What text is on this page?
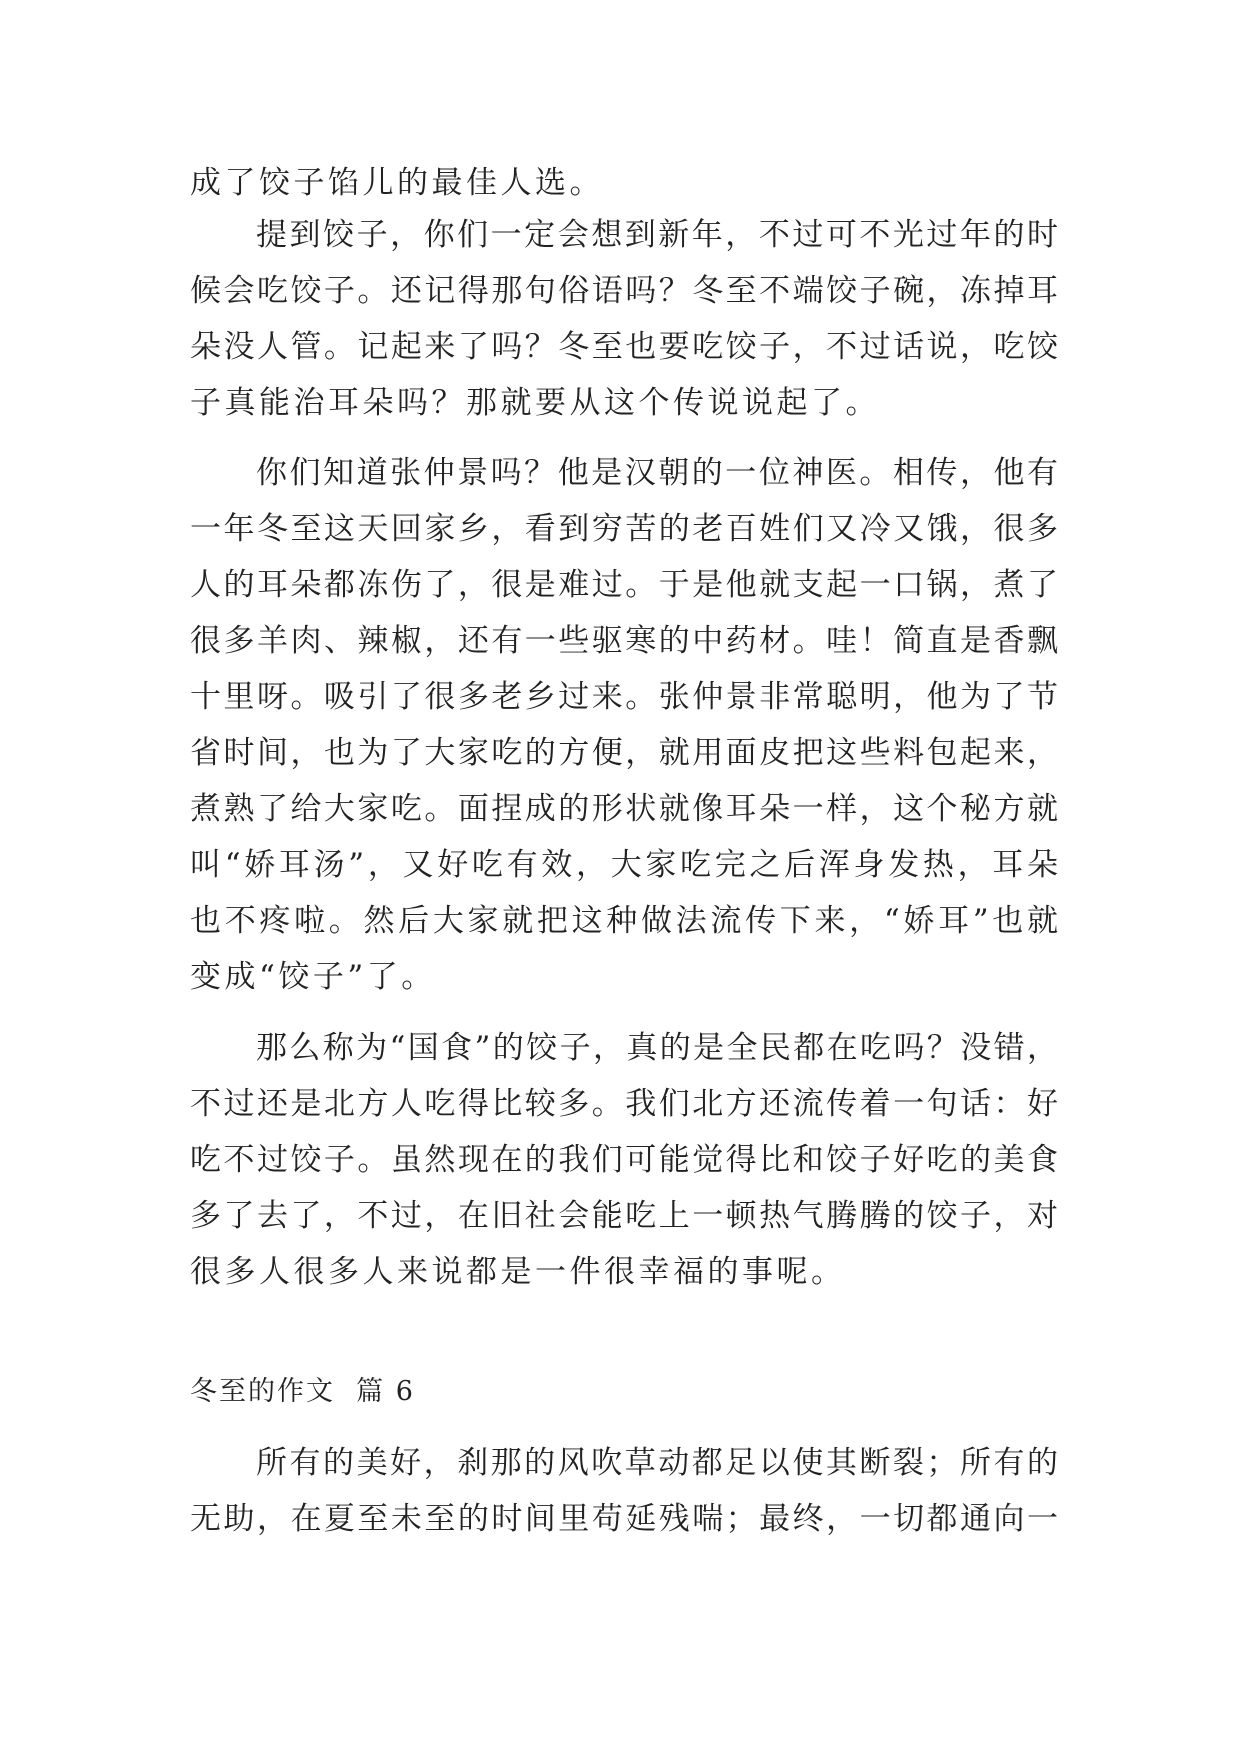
成了饺子馅儿的最佳人选。
提到饺子，你们一定会想到新年，不过可不光过年的时
候会吃饺子。还记得那句俗语吗？冬至不端饺子碗，冻掉耳
朵没人管。记起来了吗？冬至也要吃饺子，不过话说，吃饺
子真能治耳朵吗？那就要从这个传说说起了。
你们知道张仲景吗？他是汉朝的一位神医。相传，他有
一年冬至这天回家乡，看到穷苦的老百姓们又冷又饿，很多
人的耳朵都冻伤了，很是难过。于是他就支起一口锅，煮了
很多羊肉、辣椒，还有一些驱寒的中药材。哇！简直是香飘
十里呀。吸引了很多老乡过来。张仲景非常聪明，他为了节
省时间，也为了大家吃的方便，就用面皮把这些料包起来，
煮熟了给大家吃。面捏成的形状就像耳朵一样，这个秘方就
叫“娇耳汤”，又好吃有效，大家吃完之后浑身发热，耳朵
也不疼啦。然后大家就把这种做法流传下来，“娇耳”也就
变成“饺子”了。
那么称为“国食”的饺子，真的是全民都在吃吗？没错，
不过还是北方人吃得比较多。我们北方还流传着一句话：好
吃不过饺子。虽然现在的我们可能觉得比和饺子好吃的美食
多了去了，不过，在旧社会能吃上一顿热气腾腾的饺子，对
很多人很多人来说都是一件很幸福的事呢。
冬至的作文  篇 6
所有的美好，刹那的风吹草动都足以使其断裂；所有的
无助，在夏至未至的时间里苟延残喘；最终，一切都通向一
